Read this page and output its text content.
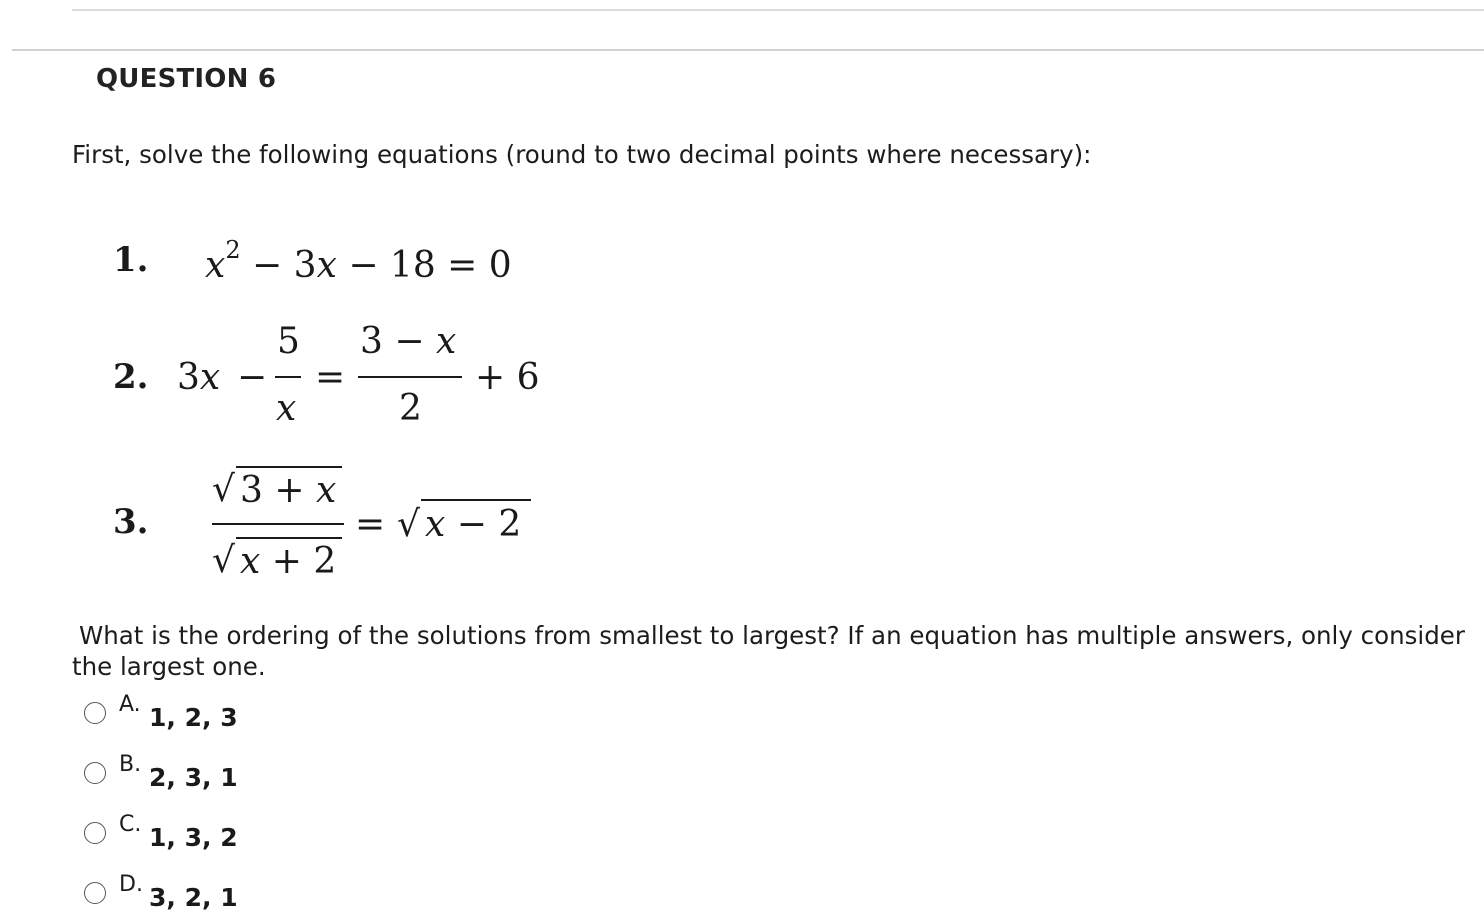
QUESTION 6
First, solve the following equations (round to two decimal points where necessary):
1. $x^2 - 3x - 18 = 0$
2. 3x −
5
x
=
3 − x
2
+ 6
3.
√ 3 + x
√ x + 2
= √ x − 2
What is the ordering of the solutions from smallest to largest? If an equation has multiple answers, only consider
the largest one.
A. 1, 2, 3
B. 2, 3, 1
C. 1, 3, 2
D. 3, 2, 1
